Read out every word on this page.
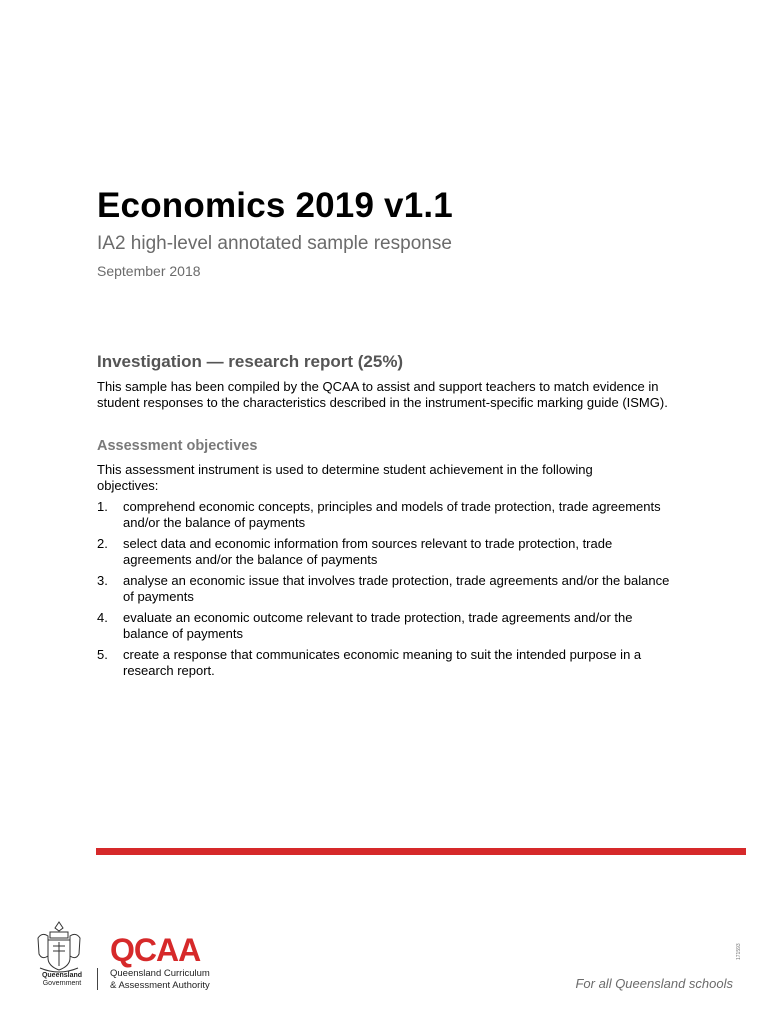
Economics 2019 v1.1
IA2 high-level annotated sample response
September 2018
Investigation — research report (25%)
This sample has been compiled by the QCAA to assist and support teachers to match evidence in student responses to the characteristics described in the instrument-specific marking guide (ISMG).
Assessment objectives
This assessment instrument is used to determine student achievement in the following objectives:
1.	comprehend economic concepts, principles and models of trade protection, trade agreements and/or the balance of payments
2.	select data and economic information from sources relevant to trade protection, trade agreements and/or the balance of payments
3.	analyse an economic issue that involves trade protection, trade agreements and/or the balance of payments
4.	evaluate an economic outcome relevant to trade protection, trade agreements and/or the balance of payments
5.	create a response that communicates economic meaning to suit the intended purpose in a research report.
Queensland
Government
QCAA
Queensland Curriculum
& Assessment Authority
171593
For all Queensland schools
